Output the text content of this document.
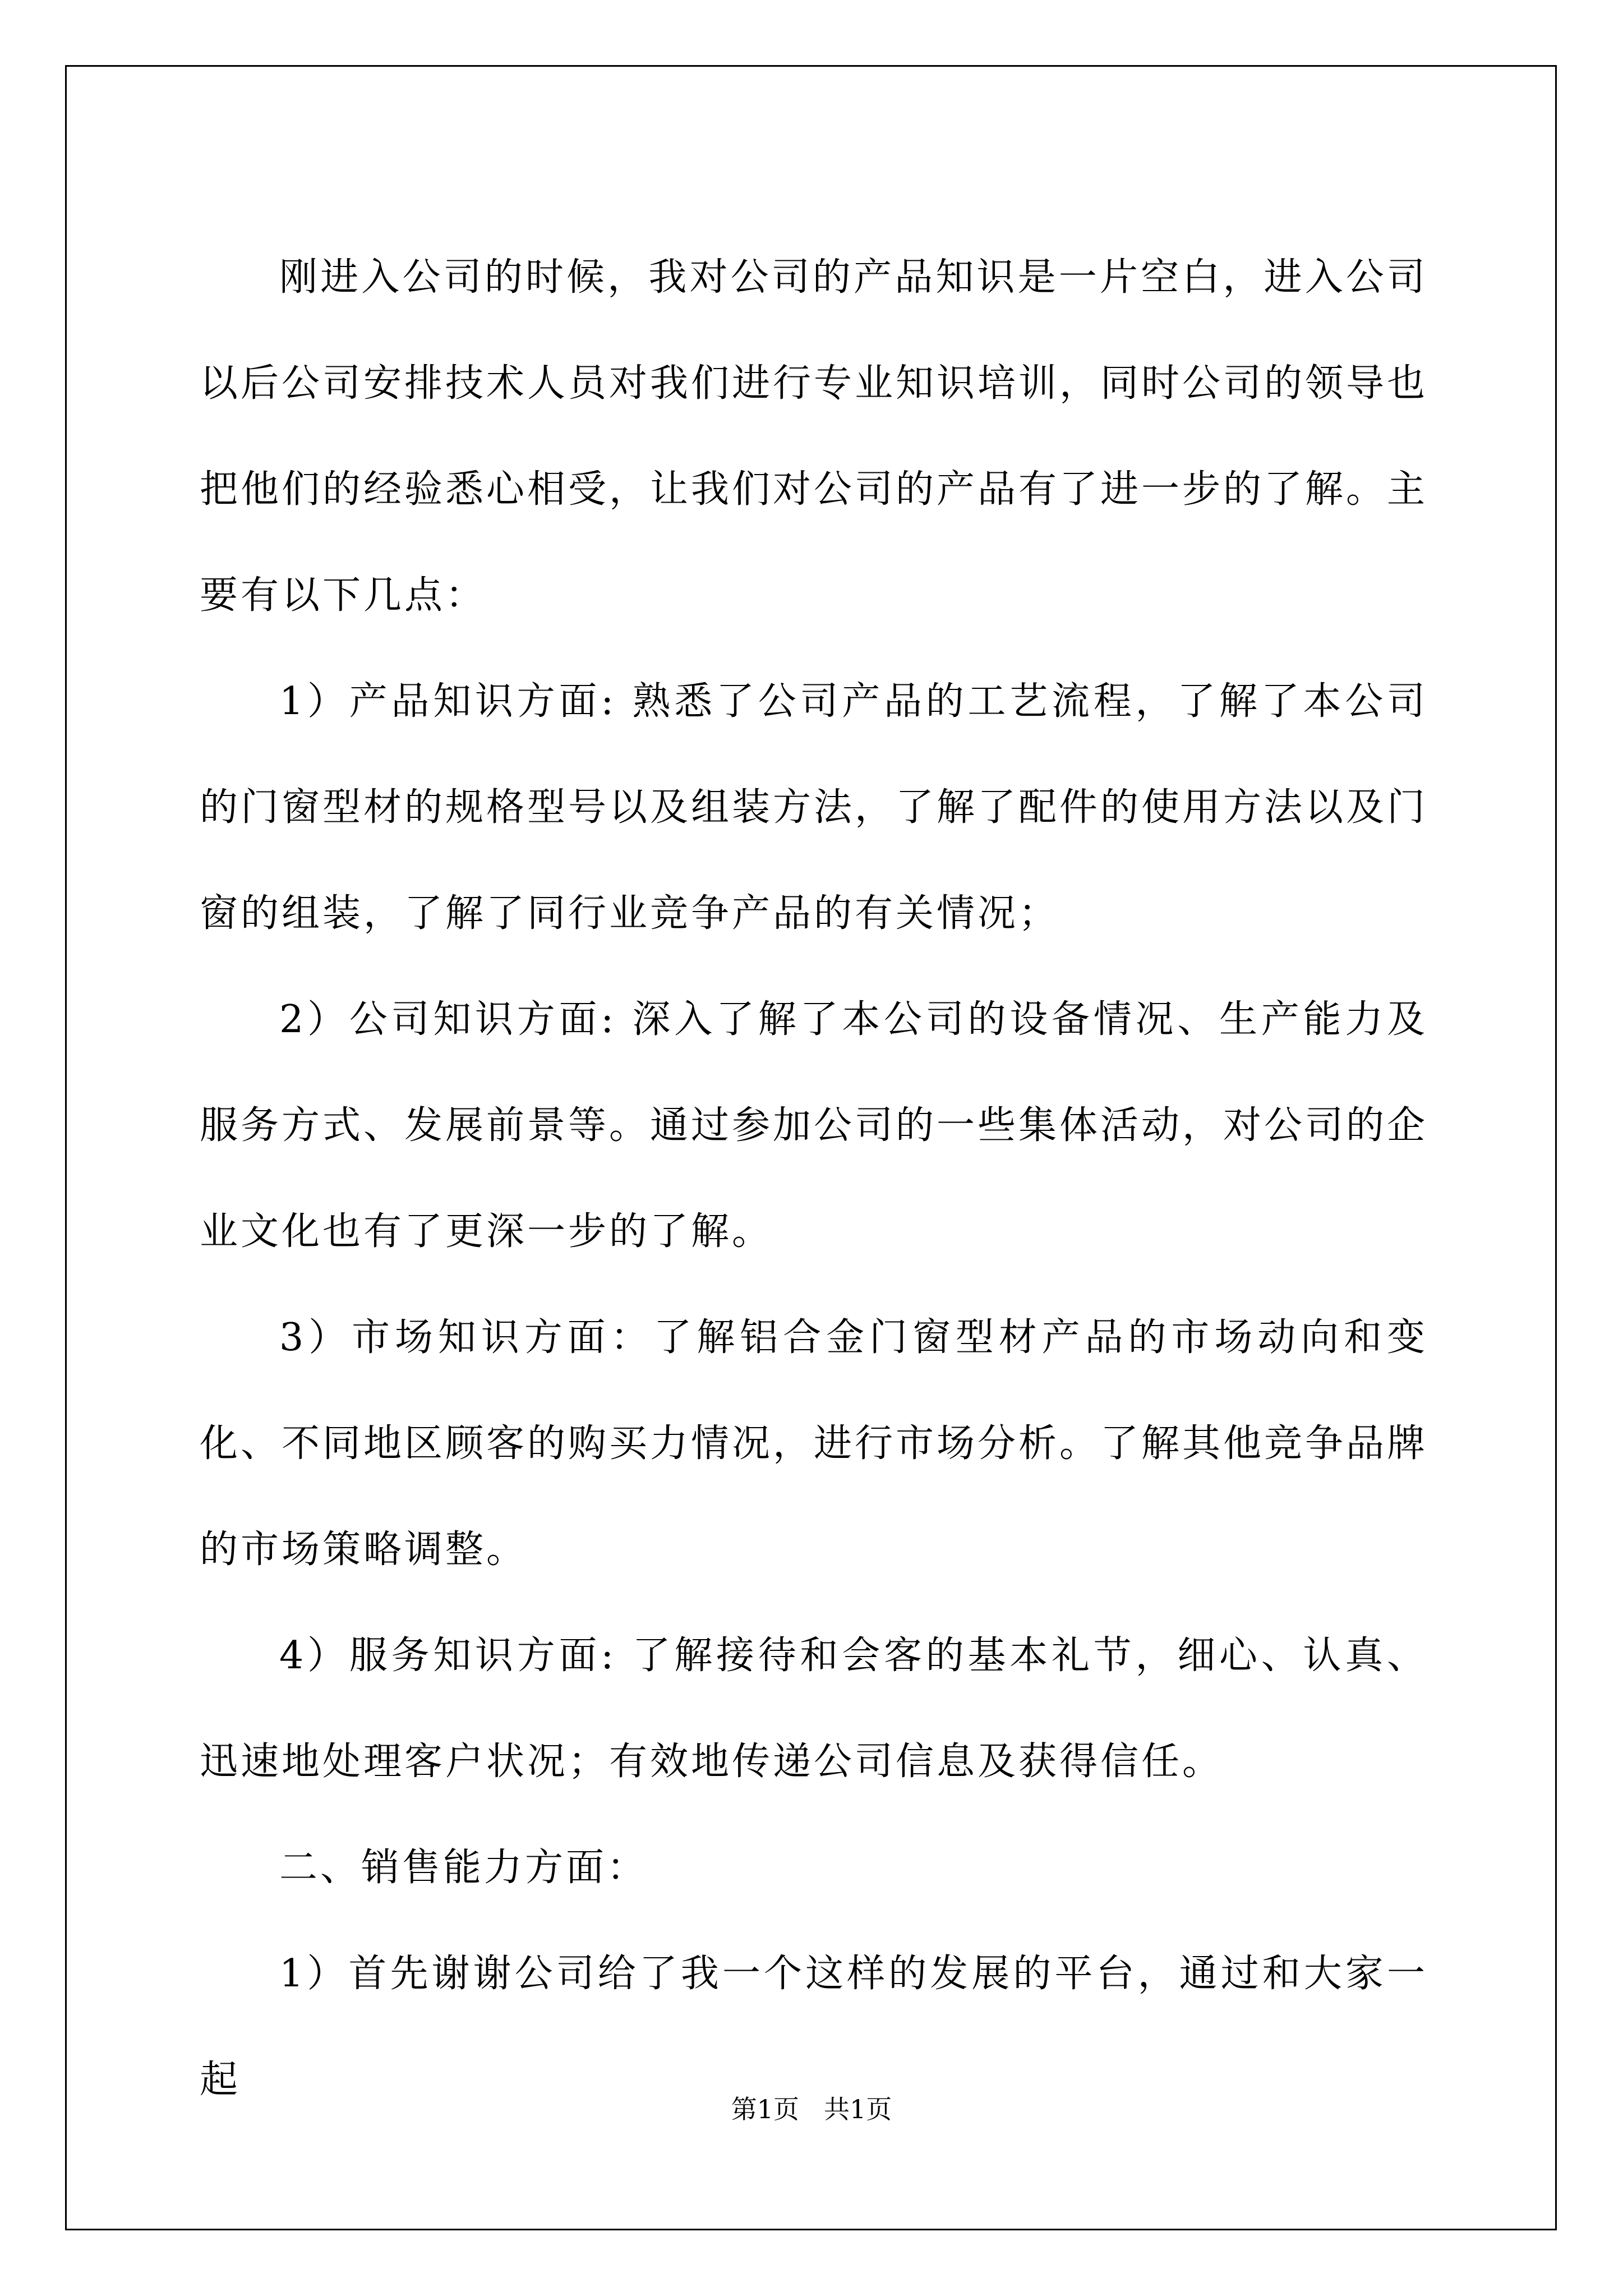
刚进入公司的时候，我对公司的产品知识是一片空白，进入公司以后公司安排技术人员对我们进行专业知识培训，同时公司的领导也把他们的经验悉心相受，让我们对公司的产品有了进一步的了解。主要有以下几点：

1）产品知识方面: 熟悉了公司产品的工艺流程，了解了本公司的门窗型材的规格型号以及组装方法，了解了配件的使用方法以及门窗的组装，了解了同行业竞争产品的有关情况；

2）公司知识方面: 深入了解了本公司的设备情况、生产能力及服务方式、发展前景等。通过参加公司的一些集体活动，对公司的企业文化也有了更深一步的了解。

3）市场知识方面：了解铝合金门窗型材产品的市场动向和变化、不同地区顾客的购买力情况，进行市场分析。了解其他竞争品牌的市场策略调整。

4）服务知识方面: 了解接待和会客的基本礼节，细心、认真、迅速地处理客户状况；有效地传递公司信息及获得信任。

二、销售能力方面：

1）首先谢谢公司给了我一个这样的发展的平台，通过和大家一起

第1页 共1页
